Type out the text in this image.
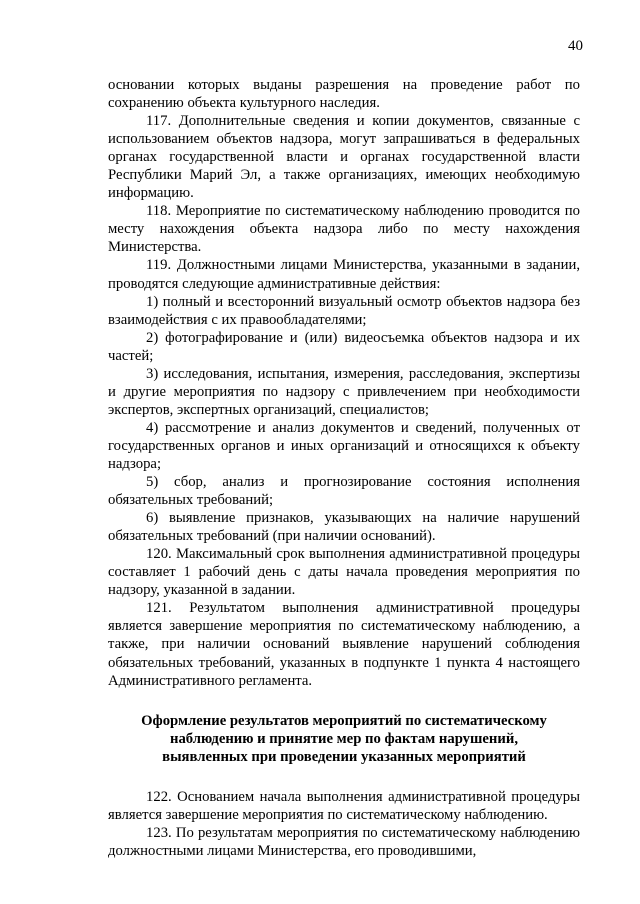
40

основании которых выданы разрешения на проведение работ по сохранению объекта культурного наследия.

117. Дополнительные сведения и копии документов, связанные с использованием объектов надзора, могут запрашиваться в федеральных органах государственной власти и органах государственной власти Республики Марий Эл, а также организациях, имеющих необходимую информацию.

118. Мероприятие по систематическому наблюдению проводится по месту нахождения объекта надзора либо по месту нахождения Министерства.

119. Должностными лицами Министерства, указанными в задании, проводятся следующие административные действия:

1) полный и всесторонний визуальный осмотр объектов надзора без взаимодействия с их правообладателями;

2) фотографирование и (или) видеосъемка объектов надзора и их частей;

3) исследования, испытания, измерения, расследования, экспертизы и другие мероприятия по надзору с привлечением при необходимости экспертов, экспертных организаций, специалистов;

4) рассмотрение и анализ документов и сведений, полученных от государственных органов и иных организаций и относящихся к объекту надзора;

5) сбор, анализ и прогнозирование состояния исполнения обязательных требований;

6) выявление признаков, указывающих на наличие нарушений обязательных требований (при наличии оснований).

120. Максимальный срок выполнения административной процедуры составляет 1 рабочий день с даты начала проведения мероприятия по надзору, указанной в задании.

121. Результатом выполнения административной процедуры является завершение мероприятия по систематическому наблюдению, а также, при наличии оснований выявление нарушений соблюдения обязательных требований, указанных в подпункте 1 пункта 4 настоящего Административного регламента.

Оформление результатов мероприятий по систематическому
наблюдению и принятие мер по фактам нарушений,
выявленных при проведении указанных мероприятий

122. Основанием начала выполнения административной процедуры является завершение мероприятия по систематическому наблюдению.

123. По результатам мероприятия по систематическому наблюдению должностными лицами Министерства, его проводившими,
